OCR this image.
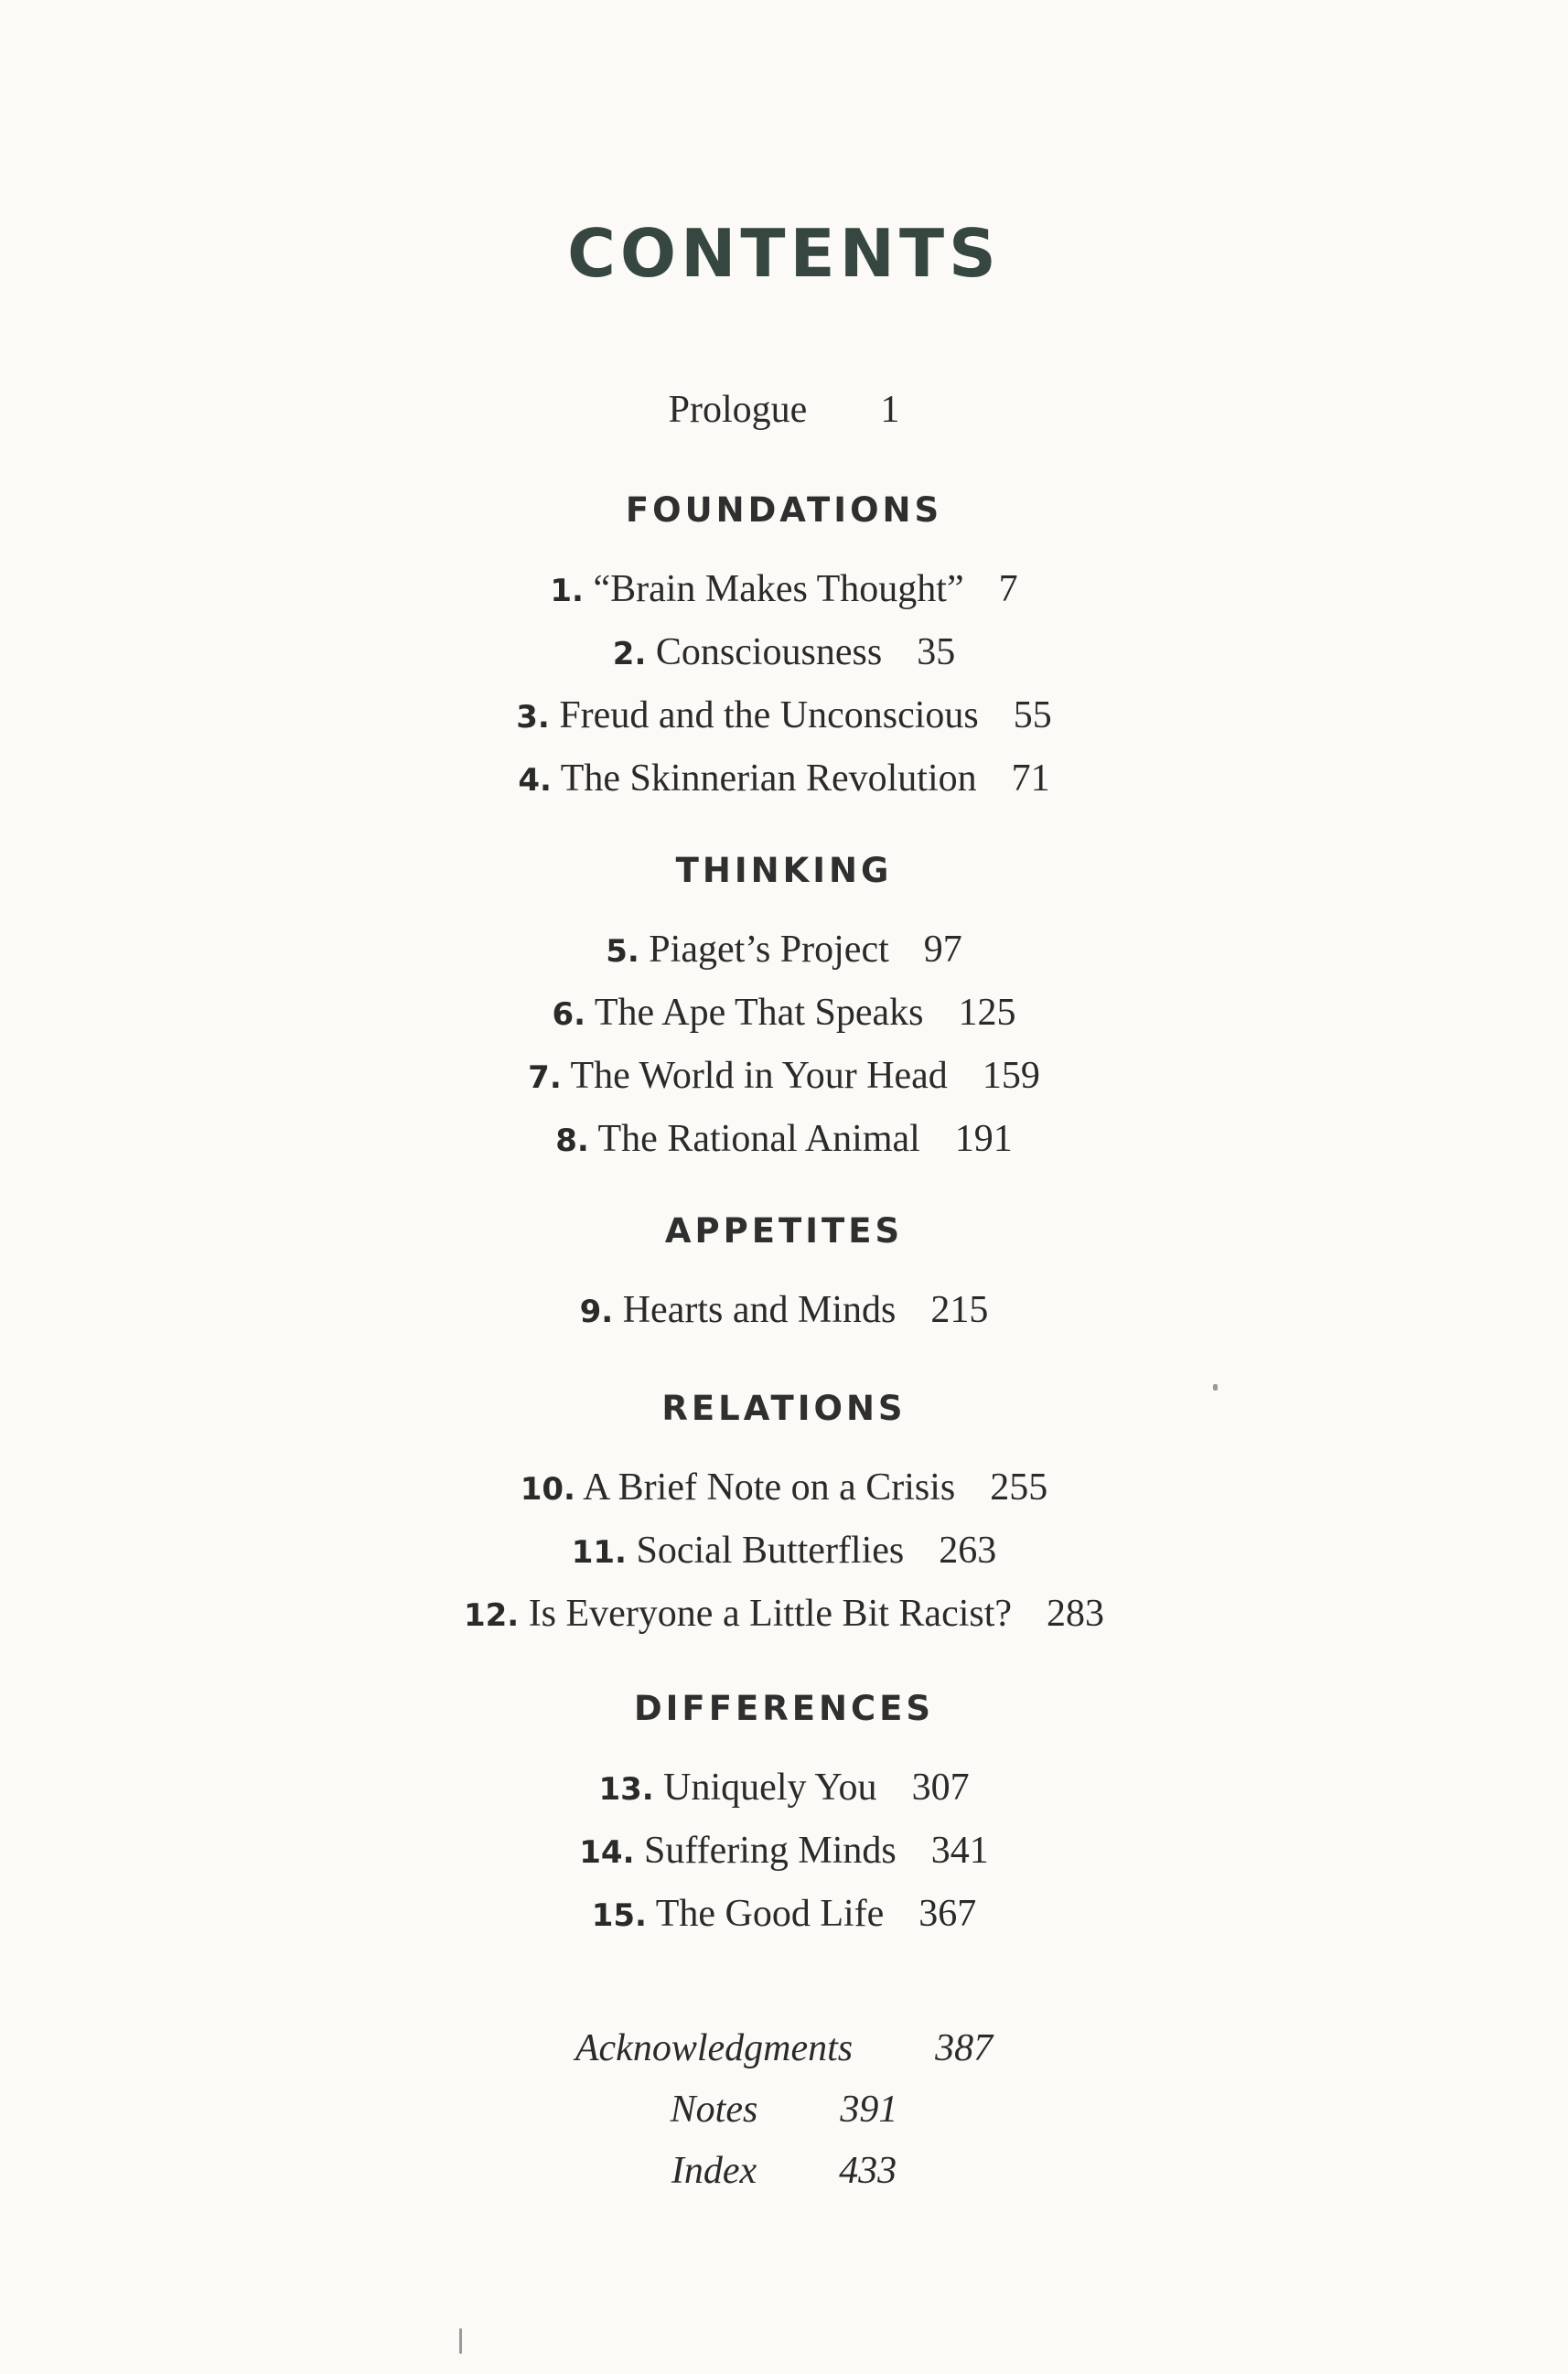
CONTENTS
Prologue 1
FOUNDATIONS
1. “Brain Makes Thought” 7
2. Consciousness 35
3. Freud and the Unconscious 55
4. The Skinnerian Revolution 71
THINKING
5. Piaget’s Project 97
6. The Ape That Speaks 125
7. The World in Your Head 159
8. The Rational Animal 191
APPETITES
9. Hearts and Minds 215
RELATIONS
10. A Brief Note on a Crisis 255
11. Social Butterflies 263
12. Is Everyone a Little Bit Racist? 283
DIFFERENCES
13. Uniquely You 307
14. Suffering Minds 341
15. The Good Life 367
Acknowledgments 387
Notes 391
Index 433
